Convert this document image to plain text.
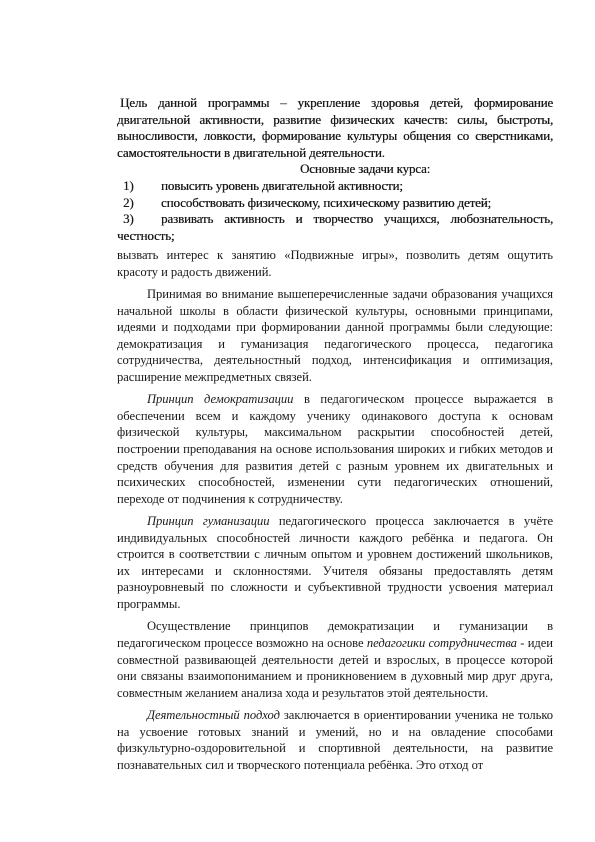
Цель данной программы – укрепление здоровья детей, формирование двигательной активности, развитие физических качеств: силы, быстроты, выносливости, ловкости, формирование культуры общения со сверстниками, самостоятельности в двигательной деятельности.

Основные задачи курса:

1)	повысить уровень двигательной активности;

2)	способствовать физическому, психическому развитию детей;

3) развивать активность и творчество учащихся, любознательность, честность;

вызвать интерес к занятию «Подвижные игры», позволить детям ощутить красоту и радость движений.

Принимая во внимание вышеперечисленные задачи образования учащихся начальной школы в области физической культуры, основными принципами, идеями и подходами при формировании данной программы были следующие: демократизация и гуманизация педагогического процесса, педагогика сотрудничества, деятельностный подход, интенсификация и оптимизация, расширение межпредметных связей.

Принцип демократизации в педагогическом процессе выражается в обеспечении всем и каждому ученику одинакового доступа к основам физической культуры, максимальном раскрытии способностей детей, построении преподавания на основе использования широких и гибких методов и средств обучения для развития детей с разным уровнем их двигательных и психических способностей, изменении сути педагогических отношений, переходе от подчинения к сотрудничеству.

Принцип гуманизации педагогического процесса заключается в учёте индивидуальных способностей личности каждого ребёнка и педагога. Он строится в соответствии с личным опытом и уровнем достижений школьников, их интересами и склонностями. Учителя обязаны предоставлять детям разноуровневый по сложности и субъективной трудности усвоения материал программы.

Осуществление принципов демократизации и гуманизации в педагогическом процессе возможно на основе педагогики сотрудничества - идеи совместной развивающей деятельности детей и взрослых, в процессе которой они связаны взаимопониманием и проникновением в духовный мир друг друга, совместным желанием анализа хода и результатов этой деятельности.

Деятельностный подход заключается в ориентировании ученика не только на усвоение готовых знаний и умений, но и на овладение способами физкультурно-оздоровительной и спортивной деятельности, на развитие познавательных сил и творческого потенциала ребёнка. Это отход от
